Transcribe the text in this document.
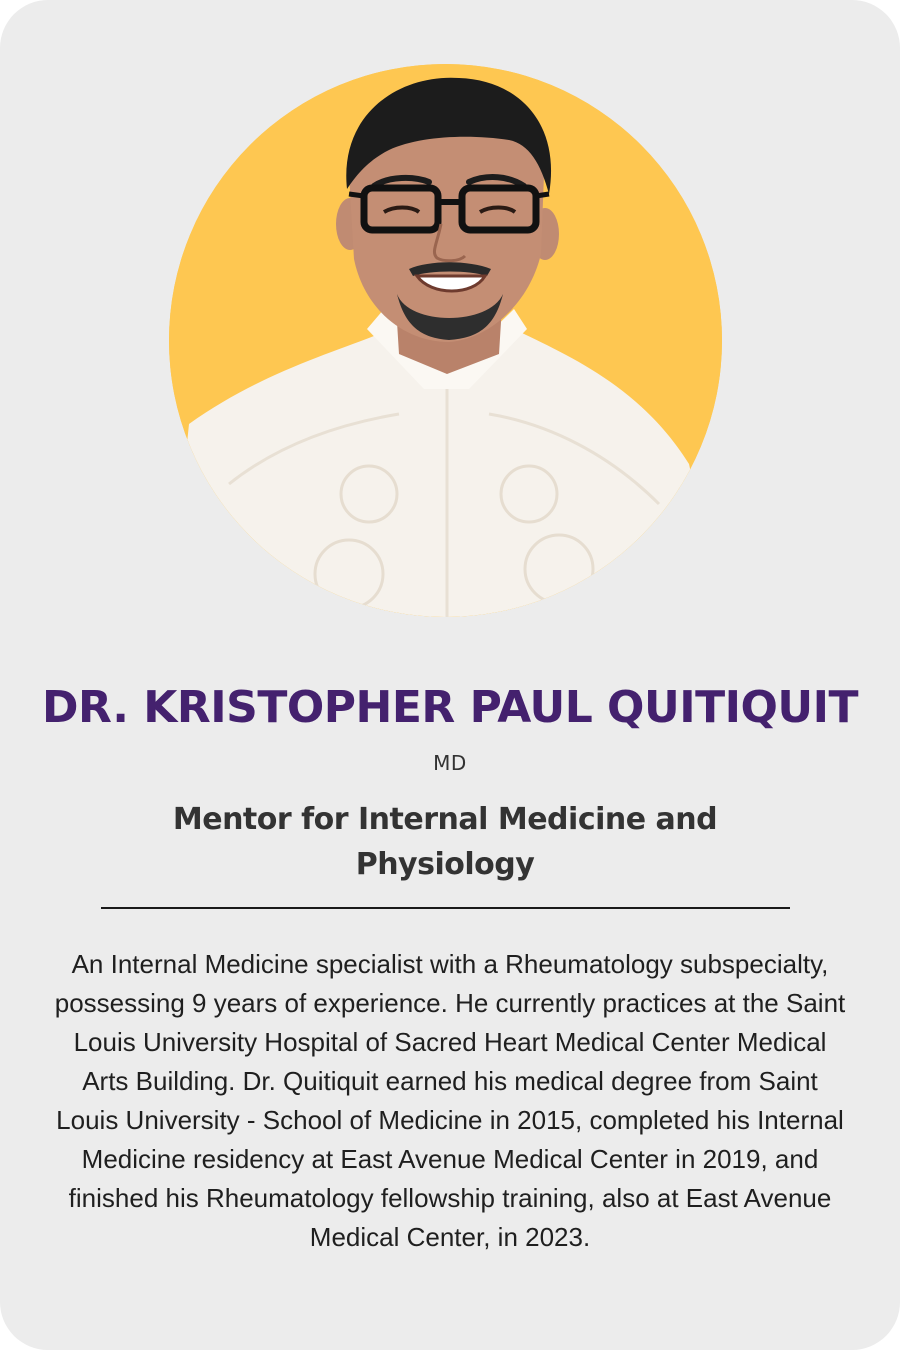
DR. KRISTOPHER PAUL QUITIQUIT
MD
Mentor for Internal Medicine and Physiology

An Internal Medicine specialist with a Rheumatology subspecialty, possessing 9 years of experience. He currently practices at the Saint Louis University Hospital of Sacred Heart Medical Center Medical Arts Building. Dr. Quitiquit earned his medical degree from Saint Louis University - School of Medicine in 2015, completed his Internal Medicine residency at East Avenue Medical Center in 2019, and finished his Rheumatology fellowship training, also at East Avenue Medical Center, in 2023.
